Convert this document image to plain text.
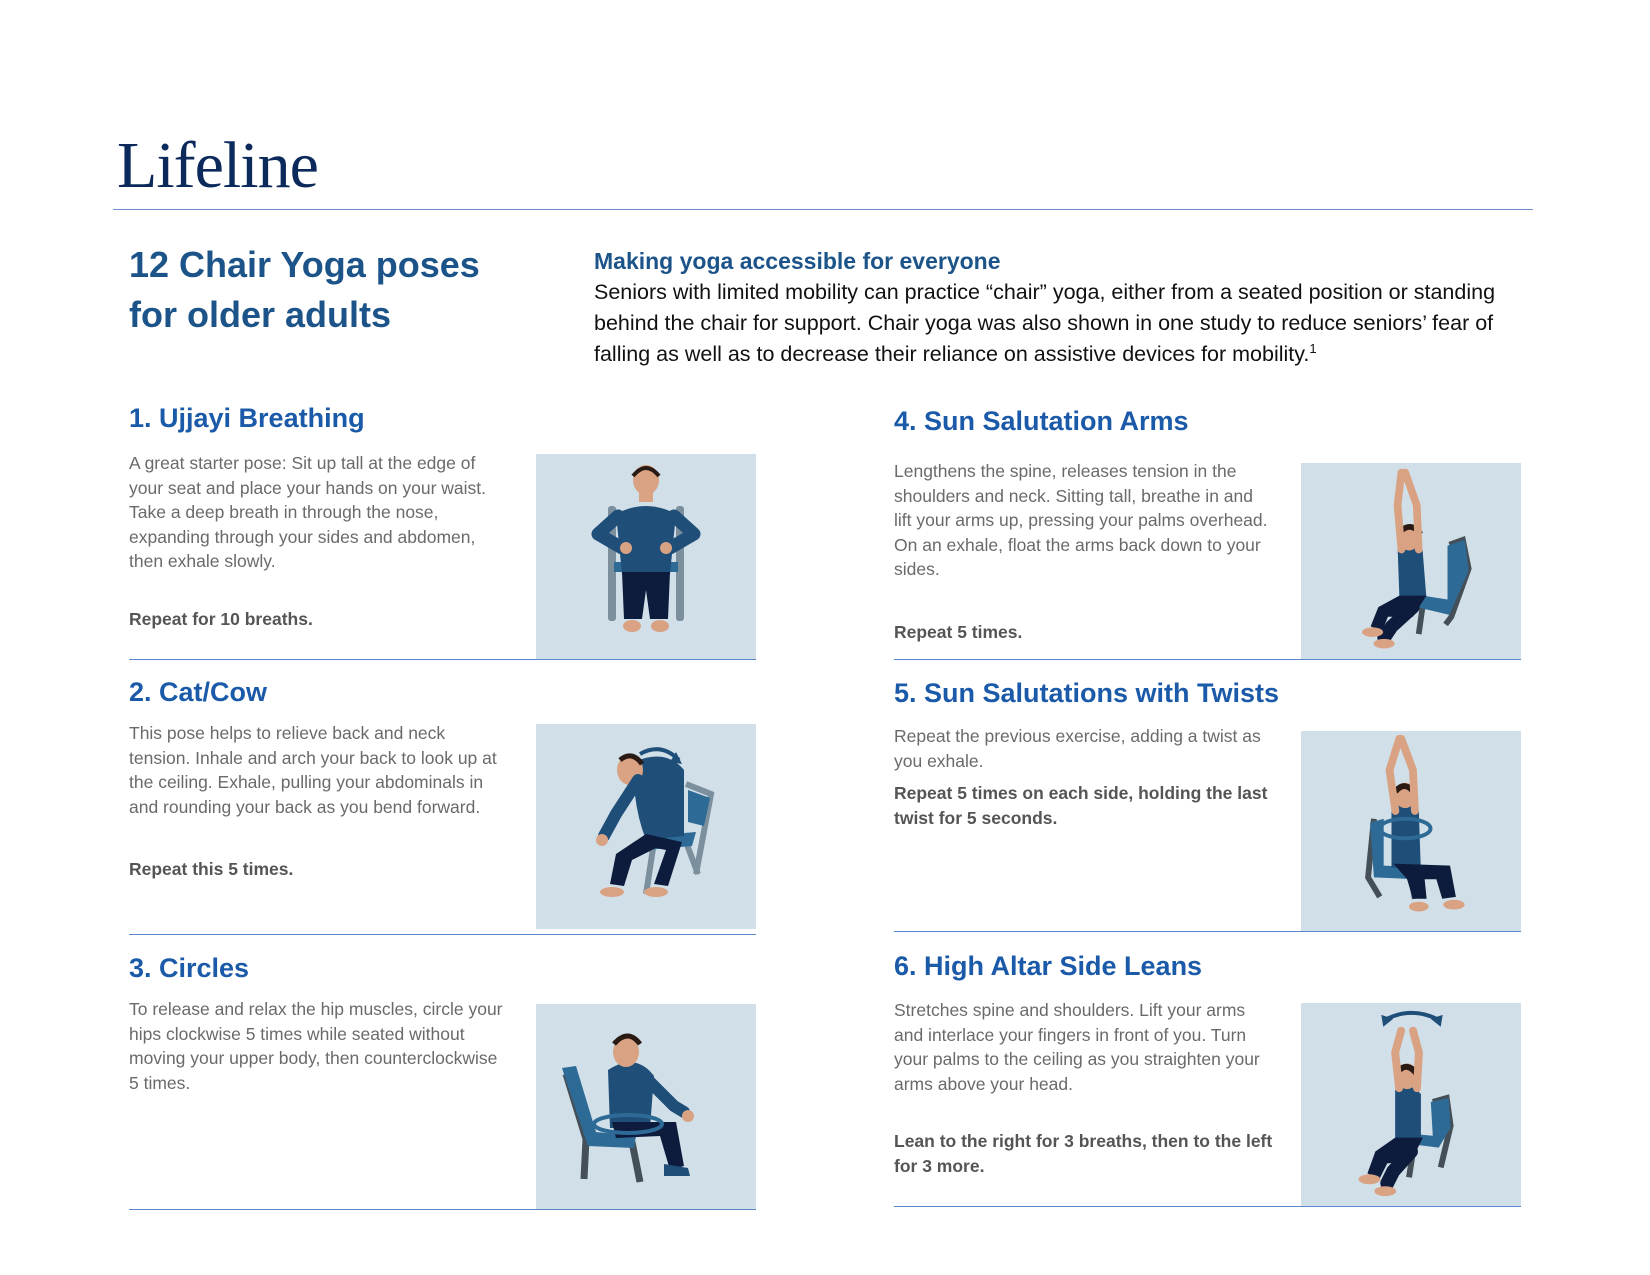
Lifeline
12 Chair Yoga poses
for older adults

Making yoga accessible for everyone

Seniors with limited mobility can practice “chair” yoga, either from a seated position or standing behind the chair for support. Chair yoga was also shown in one study to reduce seniors’ fear of falling as well as to decrease their reliance on assistive devices for mobility.$^1$

1. Ujjayi Breathing

A great starter pose: Sit up tall at the edge of your seat and place your hands on your waist. Take a deep breath in through the nose, expanding through your sides and abdomen, then exhale slowly.

Repeat for 10 breaths.

2. Cat/Cow

This pose helps to relieve back and neck tension. Inhale and arch your back to look up at the ceiling. Exhale, pulling your abdominals in and rounding your back as you bend forward.

Repeat this 5 times.

3. Circles

To release and relax the hip muscles, circle your hips clockwise 5 times while seated without moving your upper body, then counterclockwise 5 times.

4. Sun Salutation Arms

Lengthens the spine, releases tension in the shoulders and neck. Sitting tall, breathe in and lift your arms up, pressing your palms overhead. On an exhale, float the arms back down to your sides.

Repeat 5 times.

5. Sun Salutations with Twists

Repeat the previous exercise, adding a twist as you exhale.

Repeat 5 times on each side, holding the last twist for 5 seconds.

6. High Altar Side Leans

Stretches spine and shoulders. Lift your arms and interlace your fingers in front of you. Turn your palms to the ceiling as you straighten your arms above your head.

Lean to the right for 3 breaths, then to the left for 3 more.
